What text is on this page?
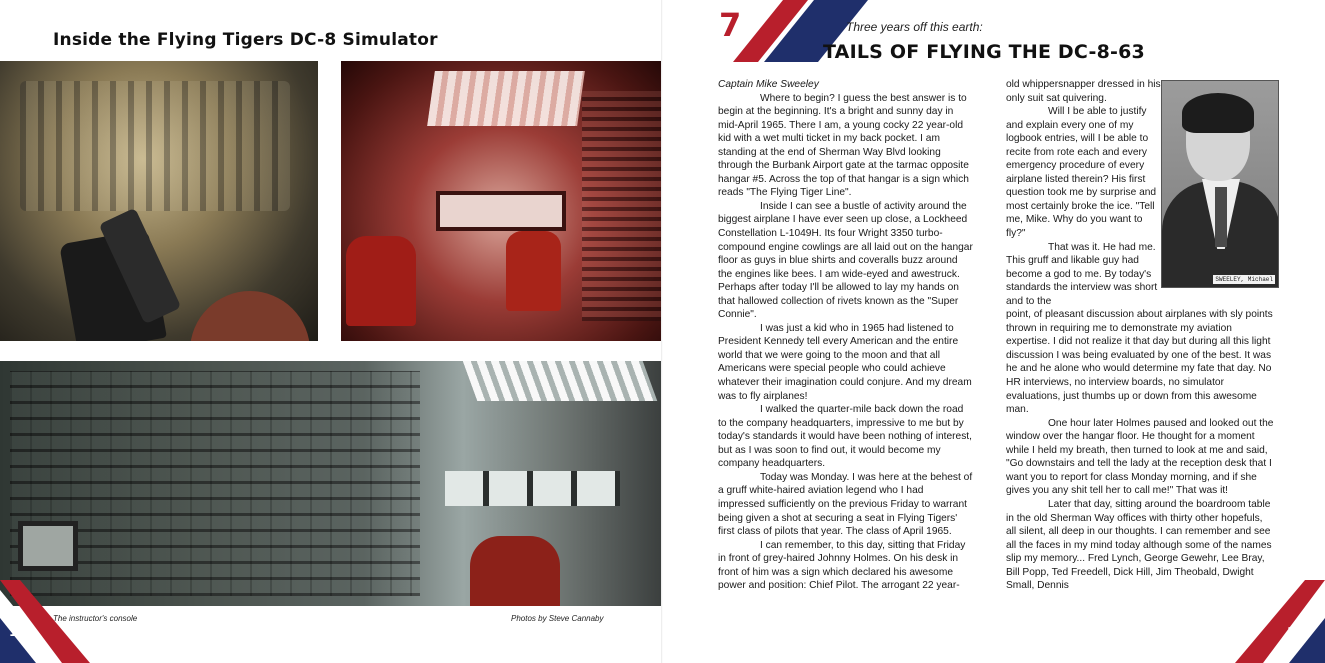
Inside the Flying Tigers DC-8 Simulator
The instructor's console	Photos by Steve Cannaby
162
7	Three years off this earth:
TAILS OF FLYING THE DC-8-63

Captain Mike Sweeley

Where to begin? I guess the best answer is to begin at the beginning. It's a bright and sunny day in mid-April 1965. There I am, a young cocky 22 year-old kid with a wet multi ticket in my back pocket. I am standing at the end of Sherman Way Blvd looking through the Burbank Airport gate at the tarmac opposite hangar #5. Across the top of that hangar is a sign which reads "The Flying Tiger Line".

Inside I can see a bustle of activity around the biggest airplane I have ever seen up close, a Lockheed Constellation L-1049H. Its four Wright 3350 turbo-compound engine cowlings are all laid out on the hangar floor as guys in blue shirts and coveralls buzz around the engines like bees. I am wide-eyed and awestruck. Perhaps after today I'll be allowed to lay my hands on that hallowed collection of rivets known as the "Super Connie".

I was just a kid who in 1965 had listened to President Kennedy tell every American and the entire world that we were going to the moon and that all Americans were special people who could achieve whatever their imagination could conjure. And my dream was to fly airplanes!

I walked the quarter-mile back down the road to the company headquarters, impressive to me but by today's standards it would have been nothing of interest, but as I was soon to find out, it would become my company headquarters.

Today was Monday. I was here at the behest of a gruff white-haired aviation legend who I had impressed sufficiently on the previous Friday to warrant being given a shot at securing a seat in Flying Tigers' first class of pilots that year. The class of April 1965.

I can remember, to this day, sitting that Friday in front of grey-haired Johnny Holmes. On his desk in front of him was a sign which declared his awesome power and position: Chief Pilot. The arrogant 22 year-

old whippersnapper dressed in his only suit sat quivering.

Will I be able to justify and explain every one of my logbook entries, will I be able to recite from rote each and every emergency procedure of every airplane listed therein? His first question took me by surprise and most certainly broke the ice. "Tell me, Mike. Why do you want to fly?"

That was it. He had me. This gruff and likable guy had become a god to me. By today's standards the interview was short and to the

point, of pleasant discussion about airplanes with sly points thrown in requiring me to demonstrate my aviation expertise. I did not realize it that day but during all this light discussion I was being evaluated by one of the best. It was he and he alone who would determine my fate that day. No HR interviews, no interview boards, no simulator evaluations, just thumbs up or down from this awesome man.

One hour later Holmes paused and looked out the window over the hangar floor. He thought for a moment while I held my breath, then turned to look at me and said, "Go downstairs and tell the lady at the reception desk that I want you to report for class Monday morning, and if she gives you any shit tell her to call me!" That was it!

Later that day, sitting around the boardroom table in the old Sherman Way offices with thirty other hopefuls, all silent, all deep in our thoughts. I can remember and see all the faces in my mind today although some of the names slip my memory... Fred Lynch, George Gewehr, Lee Bray, Bill Popp, Ted Freedell, Dick Hill, Jim Theobald, Dwight Small, Dennis

SWEELEY, Michael
163
